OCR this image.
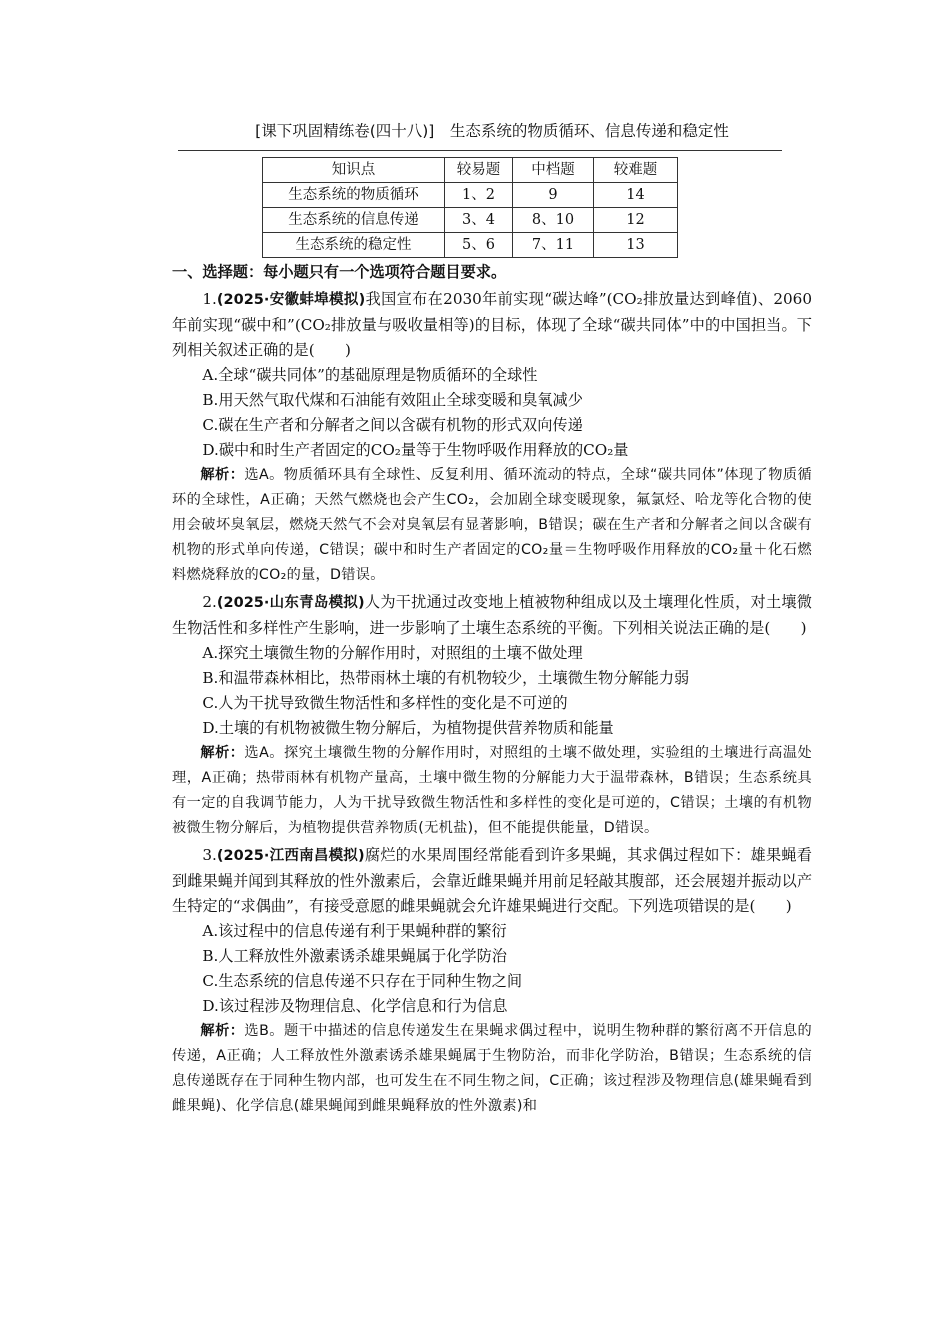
[课下巩固精练卷(四十八)]　生态系统的物质循环、信息传递和稳定性
知识点	较易题	中档题	较难题
生态系统的物质循环	1、2	9	14
生态系统的信息传递	3、4	8、10	12
生态系统的稳定性	5、6	7、11	13
一、选择题：每小题只有一个选项符合题目要求。

1.(2025·安徽蚌埠模拟)我国宣布在2030年前实现“碳达峰”(CO₂排放量达到峰值)、2060年前实现“碳中和”(CO₂排放量与吸收量相等)的目标，体现了全球“碳共同体”中的中国担当。下列相关叙述正确的是(　　)

A.全球“碳共同体”的基础原理是物质循环的全球性

B.用天然气取代煤和石油能有效阻止全球变暖和臭氧减少

C.碳在生产者和分解者之间以含碳有机物的形式双向传递

D.碳中和时生产者固定的CO₂量等于生物呼吸作用释放的CO₂量

解析：选A。物质循环具有全球性、反复利用、循环流动的特点，全球“碳共同体”体现了物质循环的全球性，A正确；天然气燃烧也会产生CO₂，会加剧全球变暖现象，氟氯烃、哈龙等化合物的使用会破坏臭氧层，燃烧天然气不会对臭氧层有显著影响，B错误；碳在生产者和分解者之间以含碳有机物的形式单向传递，C错误；碳中和时生产者固定的CO₂量＝生物呼吸作用释放的CO₂量＋化石燃料燃烧释放的CO₂的量，D错误。

2.(2025·山东青岛模拟)人为干扰通过改变地上植被物种组成以及土壤理化性质，对土壤微生物活性和多样性产生影响，进一步影响了土壤生态系统的平衡。下列相关说法正确的是(　　)

A.探究土壤微生物的分解作用时，对照组的土壤不做处理

B.和温带森林相比，热带雨林土壤的有机物较少，土壤微生物分解能力弱

C.人为干扰导致微生物活性和多样性的变化是不可逆的

D.土壤的有机物被微生物分解后，为植物提供营养物质和能量

解析：选A。探究土壤微生物的分解作用时，对照组的土壤不做处理，实验组的土壤进行高温处理，A正确；热带雨林有机物产量高，土壤中微生物的分解能力大于温带森林，B错误；生态系统具有一定的自我调节能力，人为干扰导致微生物活性和多样性的变化是可逆的，C错误；土壤的有机物被微生物分解后，为植物提供营养物质(无机盐)，但不能提供能量，D错误。

3.(2025·江西南昌模拟)腐烂的水果周围经常能看到许多果蝇，其求偶过程如下：雄果蝇看到雌果蝇并闻到其释放的性外激素后，会靠近雌果蝇并用前足轻敲其腹部，还会展翅并振动以产生特定的“求偶曲”，有接受意愿的雌果蝇就会允许雄果蝇进行交配。下列选项错误的是(　　)

A.该过程中的信息传递有利于果蝇种群的繁衍

B.人工释放性外激素诱杀雄果蝇属于化学防治

C.生态系统的信息传递不只存在于同种生物之间

D.该过程涉及物理信息、化学信息和行为信息

解析：选B。题干中描述的信息传递发生在果蝇求偶过程中，说明生物种群的繁衍离不开信息的传递，A正确；人工释放性外激素诱杀雄果蝇属于生物防治，而非化学防治，B错误；生态系统的信息传递既存在于同种生物内部，也可发生在不同生物之间，C正确；该过程涉及物理信息(雄果蝇看到雌果蝇)、化学信息(雄果蝇闻到雌果蝇释放的性外激素)和
